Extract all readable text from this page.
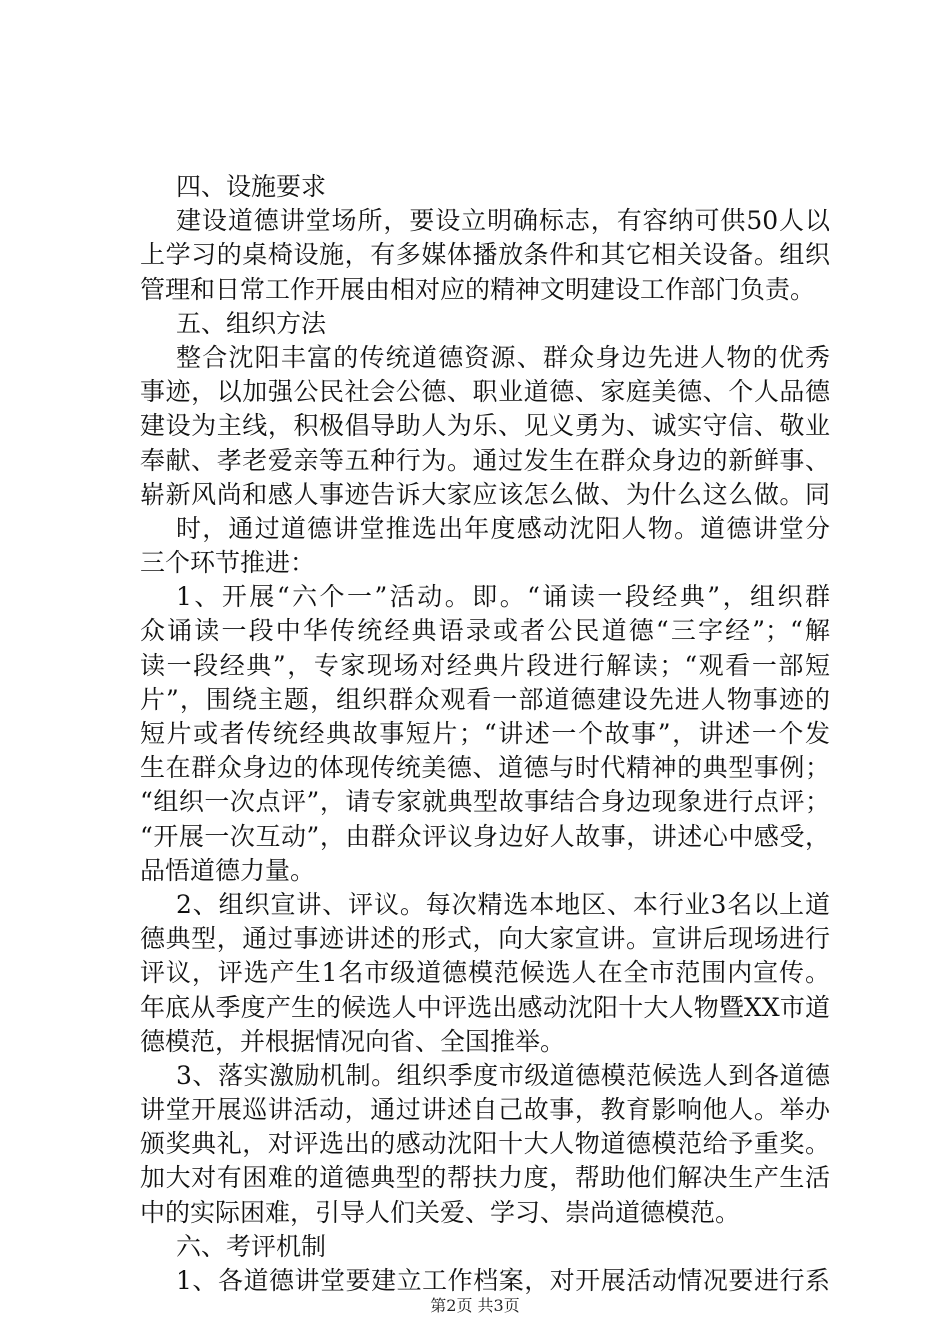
四、设施要求
建设道德讲堂场所，要设立明确标志，有容纳可供50人以
上学习的桌椅设施，有多媒体播放条件和其它相关设备。组织
管理和日常工作开展由相对应的精神文明建设工作部门负责。
五、组织方法
整合沈阳丰富的传统道德资源、群众身边先进人物的优秀
事迹，以加强公民社会公德、职业道德、家庭美德、个人品德
建设为主线，积极倡导助人为乐、见义勇为、诚实守信、敬业
奉献、孝老爱亲等五种行为。通过发生在群众身边的新鲜事、
崭新风尚和感人事迹告诉大家应该怎么做、为什么这么做。同
时，通过道德讲堂推选出年度感动沈阳人物。道德讲堂分
三个环节推进：
1、开展“六个一”活动。即。“诵读一段经典”，组织群
众诵读一段中华传统经典语录或者公民道德“三字经”；“解
读一段经典”，专家现场对经典片段进行解读；“观看一部短
片”，围绕主题，组织群众观看一部道德建设先进人物事迹的
短片或者传统经典故事短片；“讲述一个故事”，讲述一个发
生在群众身边的体现传统美德、道德与时代精神的典型事例；
“组织一次点评”，请专家就典型故事结合身边现象进行点评；
“开展一次互动”，由群众评议身边好人故事，讲述心中感受，
品悟道德力量。
2、组织宣讲、评议。每次精选本地区、本行业3名以上道
德典型，通过事迹讲述的形式，向大家宣讲。宣讲后现场进行
评议，评选产生1名市级道德模范候选人在全市范围内宣传。
年底从季度产生的候选人中评选出感动沈阳十大人物暨XX市道
德模范，并根据情况向省、全国推举。
3、落实激励机制。组织季度市级道德模范候选人到各道德
讲堂开展巡讲活动，通过讲述自己故事，教育影响他人。举办
颁奖典礼，对评选出的感动沈阳十大人物道德模范给予重奖。
加大对有困难的道德典型的帮扶力度，帮助他们解决生产生活
中的实际困难，引导人们关爱、学习、崇尚道德模范。
六、考评机制
1、各道德讲堂要建立工作档案，对开展活动情况要进行系
第2页 共3页
